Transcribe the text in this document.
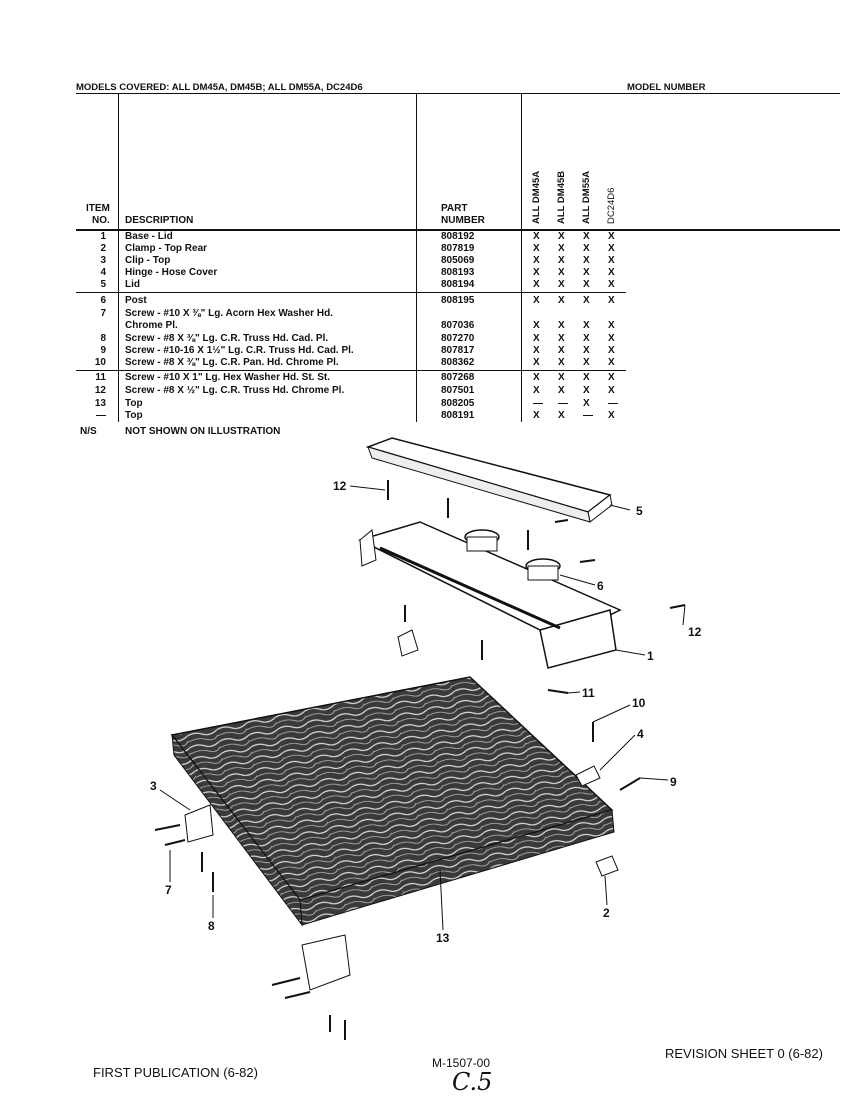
MODELS COVERED: ALL DM45A, DM45B; ALL DM55A, DC24D6	MODEL NUMBER
ITEM
NO. DESCRIPTION
PART
NUMBER	ALL DM45A ALL DM45B ALL DM55A DC24D6
1 Base - Lid	808192	X X X X
2 Clamp - Top Rear	807819	X X X X
3 Clip - Top	805069	X X X X
4 Hinge - Hose Cover	808193	X X X X
5 Lid	808194	X X X X
6 Post	808195	X X X X
7 Screw - #10 X ⅜" Lg. Acorn Hex Washer Hd.
Chrome Pl.	807036	X X X X
8 Screw - #8 X ⅜" Lg. C.R. Truss Hd. Cad. Pl.	807270	X X X X
9 Screw - #10-16 X 1½" Lg. C.R. Truss Hd. Cad. Pl.	807817	X X X X
10 Screw - #8 X ⅜" Lg. C.R. Pan. Hd. Chrome Pl.	808362	X X X X
11 Screw - #10 X 1" Lg. Hex Washer Hd. St. St.	807268	X X X X
12 Screw - #8 X ½" Lg. C.R. Truss Hd. Chrome Pl.	807501	X X X X
13 Top	808205	— — X —
— Top	808191	X X — X
N/S	NOT SHOWN ON ILLUSTRATION
12
5
6
12
1
11
10
4
9
3
7
8
2
13
FIRST PUBLICATION (6-82)
M-1507-00
C.5
REVISION SHEET 0 (6-82)
